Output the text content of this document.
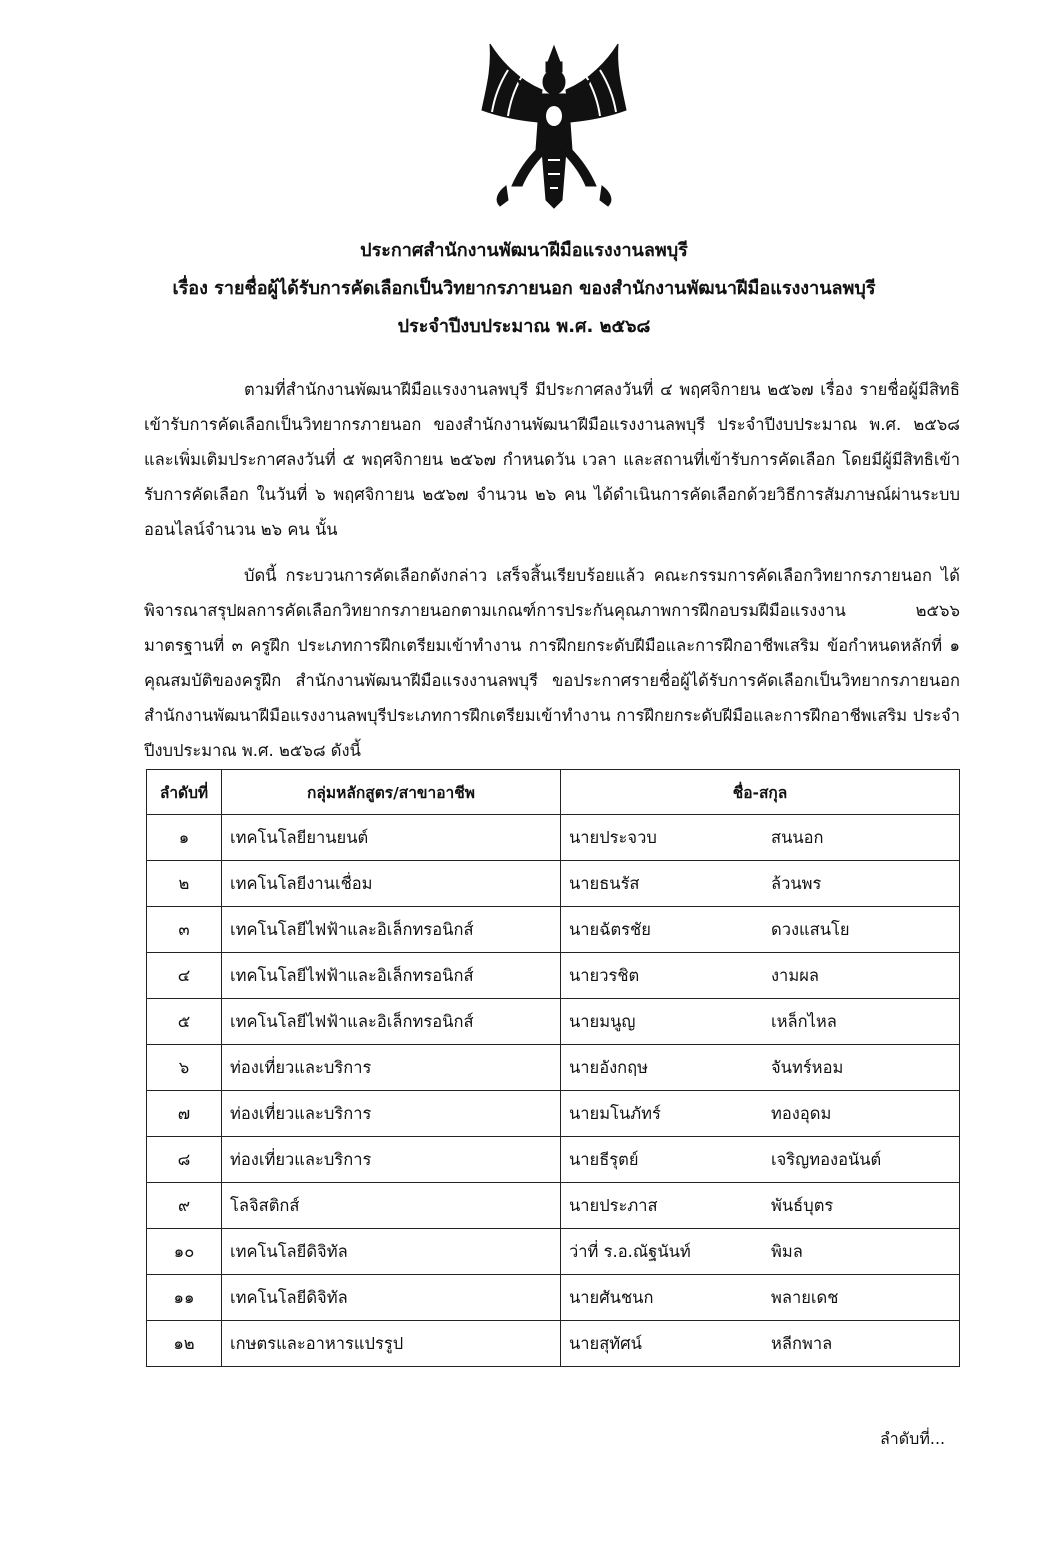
ประกาศสำนักงานพัฒนาฝีมือแรงงานลพบุรี
เรื่อง รายชื่อผู้ได้รับการคัดเลือกเป็นวิทยากรภายนอก ของสำนักงานพัฒนาฝีมือแรงงานลพบุรี
ประจำปีงบประมาณ พ.ศ. ๒๕๖๘
ตามที่สำนักงานพัฒนาฝีมือแรงงานลพบุรี มีประกาศลงวันที่ ๔ พฤศจิกายน ๒๕๖๗ เรื่อง รายชื่อผู้มีสิทธิเข้ารับการคัดเลือกเป็นวิทยากรภายนอก ของสำนักงานพัฒนาฝีมือแรงงานลพบุรี ประจำปีงบประมาณ พ.ศ. ๒๕๖๘ และเพิ่มเติมประกาศลงวันที่ ๕ พฤศจิกายน ๒๕๖๗ กำหนดวัน เวลา และสถานที่เข้ารับการคัดเลือก โดยมีผู้มีสิทธิเข้ารับการคัดเลือก ในวันที่ ๖ พฤศจิกายน ๒๕๖๗ จำนวน ๒๖ คน ได้ดำเนินการคัดเลือกด้วยวิธีการสัมภาษณ์ผ่านระบบออนไลน์จำนวน ๒๖ คน นั้น
บัดนี้ กระบวนการคัดเลือกดังกล่าว เสร็จสิ้นเรียบร้อยแล้ว คณะกรรมการคัดเลือกวิทยากรภายนอก ได้พิจารณาสรุปผลการคัดเลือกวิทยากรภายนอกตามเกณฑ์การประกันคุณภาพการฝึกอบรมฝีมือแรงงาน ๒๕๖๖ มาตรฐานที่ ๓ ครูฝึก ประเภทการฝึกเตรียมเข้าทำงาน การฝึกยกระดับฝีมือและการฝึกอาชีพเสริม ข้อกำหนดหลักที่ ๑ คุณสมบัติของครูฝึก สำนักงานพัฒนาฝีมือแรงงานลพบุรี ขอประกาศรายชื่อผู้ได้รับการคัดเลือกเป็นวิทยากรภายนอก สำนักงานพัฒนาฝีมือแรงงานลพบุรีประเภทการฝึกเตรียมเข้าทำงาน การฝึกยกระดับฝีมือและการฝึกอาชีพเสริม ประจำปีงบประมาณ พ.ศ. ๒๕๖๘ ดังนี้
ลำดับที่	กลุ่มหลักสูตร/สาขาอาชีพ	ชื่อ-สกุล	
๑	เทคโนโลยียานยนต์	นายประจวบ	สนนอก
๒	เทคโนโลยีงานเชื่อม	นายธนรัส	ล้วนพร
๓	เทคโนโลยีไฟฟ้าและอิเล็กทรอนิกส์	นายฉัตรชัย	ดวงแสนโย
๔	เทคโนโลยีไฟฟ้าและอิเล็กทรอนิกส์	นายวรชิต	งามผล
๕	เทคโนโลยีไฟฟ้าและอิเล็กทรอนิกส์	นายมนูญ	เหล็กไหล
๖	ท่องเที่ยวและบริการ	นายอังกฤษ	จันทร์หอม
๗	ท่องเที่ยวและบริการ	นายมโนภัทร์	ทองอุดม
๘	ท่องเที่ยวและบริการ	นายธีรุตย์	เจริญทองอนันต์
๙	โลจิสติกส์	นายประภาส	พันธ์บุตร
๑๐	เทคโนโลยีดิจิทัล	ว่าที่ ร.อ.ณัฐนันท์	พิมล
๑๑	เทคโนโลยีดิจิทัล	นายศันชนก	พลายเดช
๑๒	เกษตรและอาหารแปรรูป	นายสุทัศน์	หลีกพาล
ลำดับที่...
